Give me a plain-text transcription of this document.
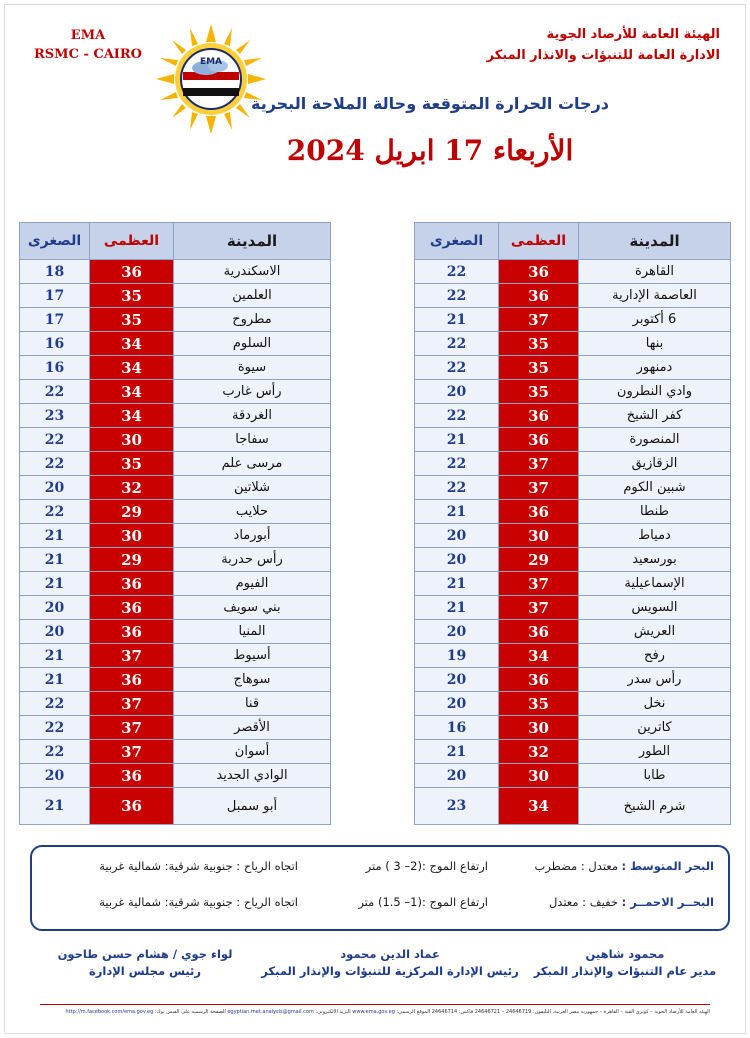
EMA
RSMC - CAIRO
الهيئة العامة للأرصاد الجوية
الادارة العامة للتنبؤات والانذار المبكر
EMA
درجات الحرارة المتوقعة وحالة الملاحة البحرية
الأربعاء 17 ابريل 2024
الصغرى	العظمى	المدينة
22	36	القاهرة
22	36	العاصمة الإدارية
21	37	6 أكتوبر
22	35	بنها
22	35	دمنهور
20	35	وادي النطرون
22	36	كفر الشيخ
21	36	المنصورة
22	37	الزقازيق
22	37	شبين الكوم
21	36	طنطا
20	30	دمياط
20	29	بورسعيد
21	37	الإسماعيلية
21	37	السويس
20	36	العريش
19	34	رفح
20	36	رأس سدر
20	35	نخل
16	30	كاترين
21	32	الطور
20	30	طابا
23	34	شرم الشيخ
الصغرى	العظمى	المدينة
18	36	الاسكندرية
17	35	العلمين
17	35	مطروح
16	34	السلوم
16	34	سيوة
22	34	رأس غارب
23	34	الغردقة
22	30	سفاجا
22	35	مرسى علم
20	32	شلاتين
22	29	حلايب
21	30	أبورماد
21	29	رأس حدربة
21	36	الفيوم
20	36	بني سويف
20	36	المنيا
21	37	أسيوط
21	36	سوهاج
22	37	قنا
22	37	الأقصر
22	37	أسوان
20	36	الوادي الجديد
21	36	أبو سمبل
البحر المتوسط :
معتدل : مضطرب
ارتفاع الموج :(2– 3 ) متر
اتجاه الرياح : جنوبية شرقية: شمالية غربية
البحــر الاحمــر :
خفيف : معتدل
ارتفاع الموج :(1– 1.5) متر
اتجاه الرياح : جنوبية شرقية: شمالية غربية
محمود شاهين
مدير عام التنبؤات والإنذار المبكر
عماد الدين محمود
رئيس الإدارة المركزية للتنبؤات والإنذار المبكر
لواء جوي / هشام حسن طاحون
رئيس مجلس الإدارة
الهيئة العامة للأرصاد الجوية – كوبري القبة – القاهرة – جمهورية مصر العربية، التليفون: 24646719 – 24646721 فاكس: 24646714 الموقع الرسمي: www.ema.gov.eg البريد الالكتروني: egyptian.met.analysis@gmail.com الصفحة الرسمية على الفيس بوك: http://m.facebook.com/ema.gov.eg
